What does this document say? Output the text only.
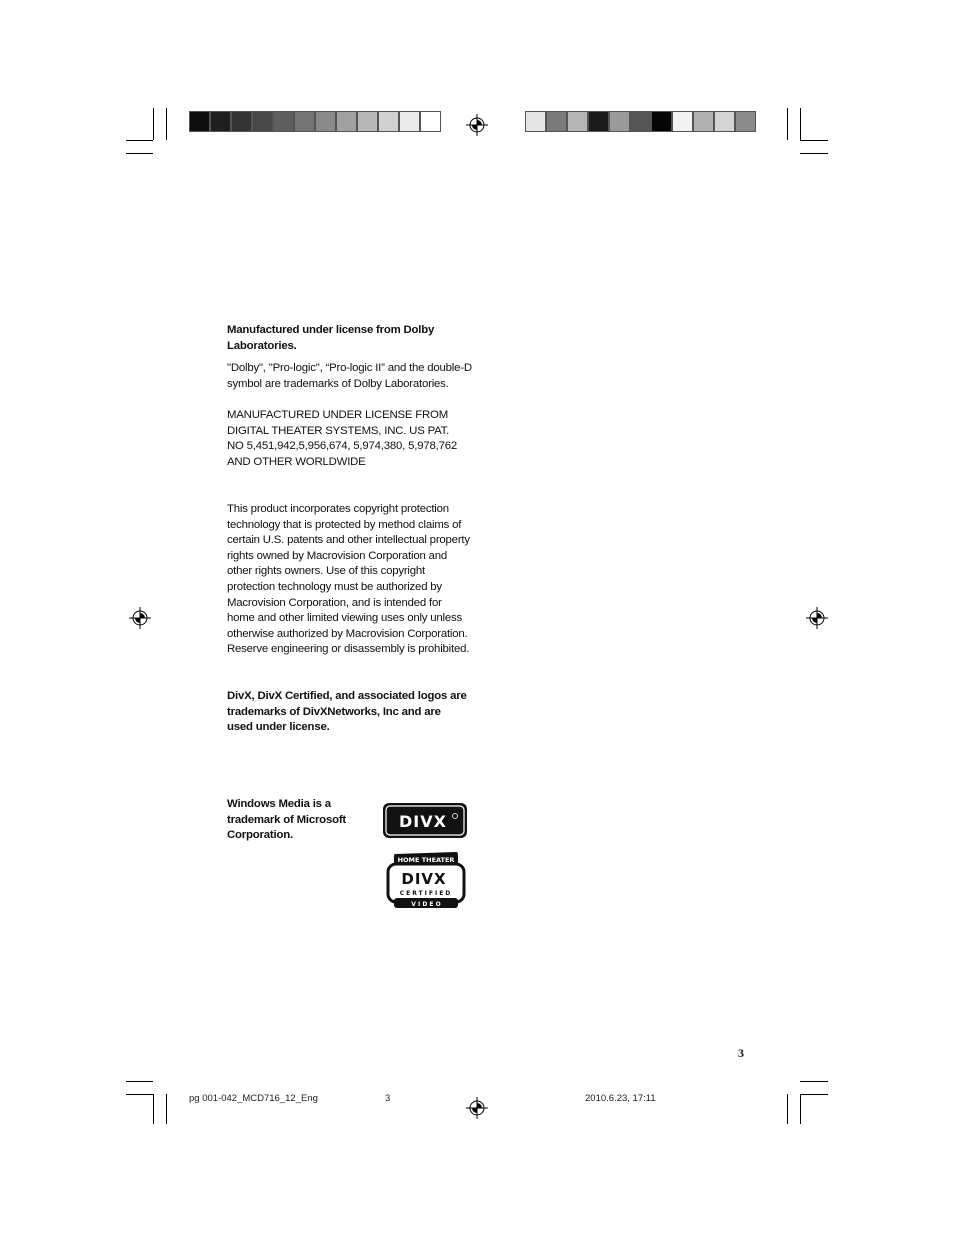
Manufactured under license from Dolby Laboratories.
"Dolby", "Pro-logic", “Pro-logic II” and the double-D symbol are trademarks of Dolby Laboratories.
MANUFACTURED UNDER LICENSE FROM DIGITAL THEATER SYSTEMS, INC. US PAT. NO 5,451,942,5,956,674, 5,974,380, 5,978,762 AND OTHER WORLDWIDE
This product incorporates copyright protection technology that is protected by method claims of certain U.S. patents and other intellectual property rights owned by Macrovision Corporation and other rights owners. Use of this copyright protection technology must be authorized by Macrovision Corporation, and is intended for home and other limited viewing uses only unless otherwise authorized by Macrovision Corporation. Reserve engineering or disassembly is prohibited.
DivX, DivX Certified, and associated logos are trademarks of DivXNetworks, Inc and are used under license.
Windows Media is a trademark of Microsoft Corporation.
DIVX
HOME THEATER
DIVX
CERTIFIED
V I D E O
3
pg 001-042_MCD716_12_Eng	3	2010.6.23, 17:11
